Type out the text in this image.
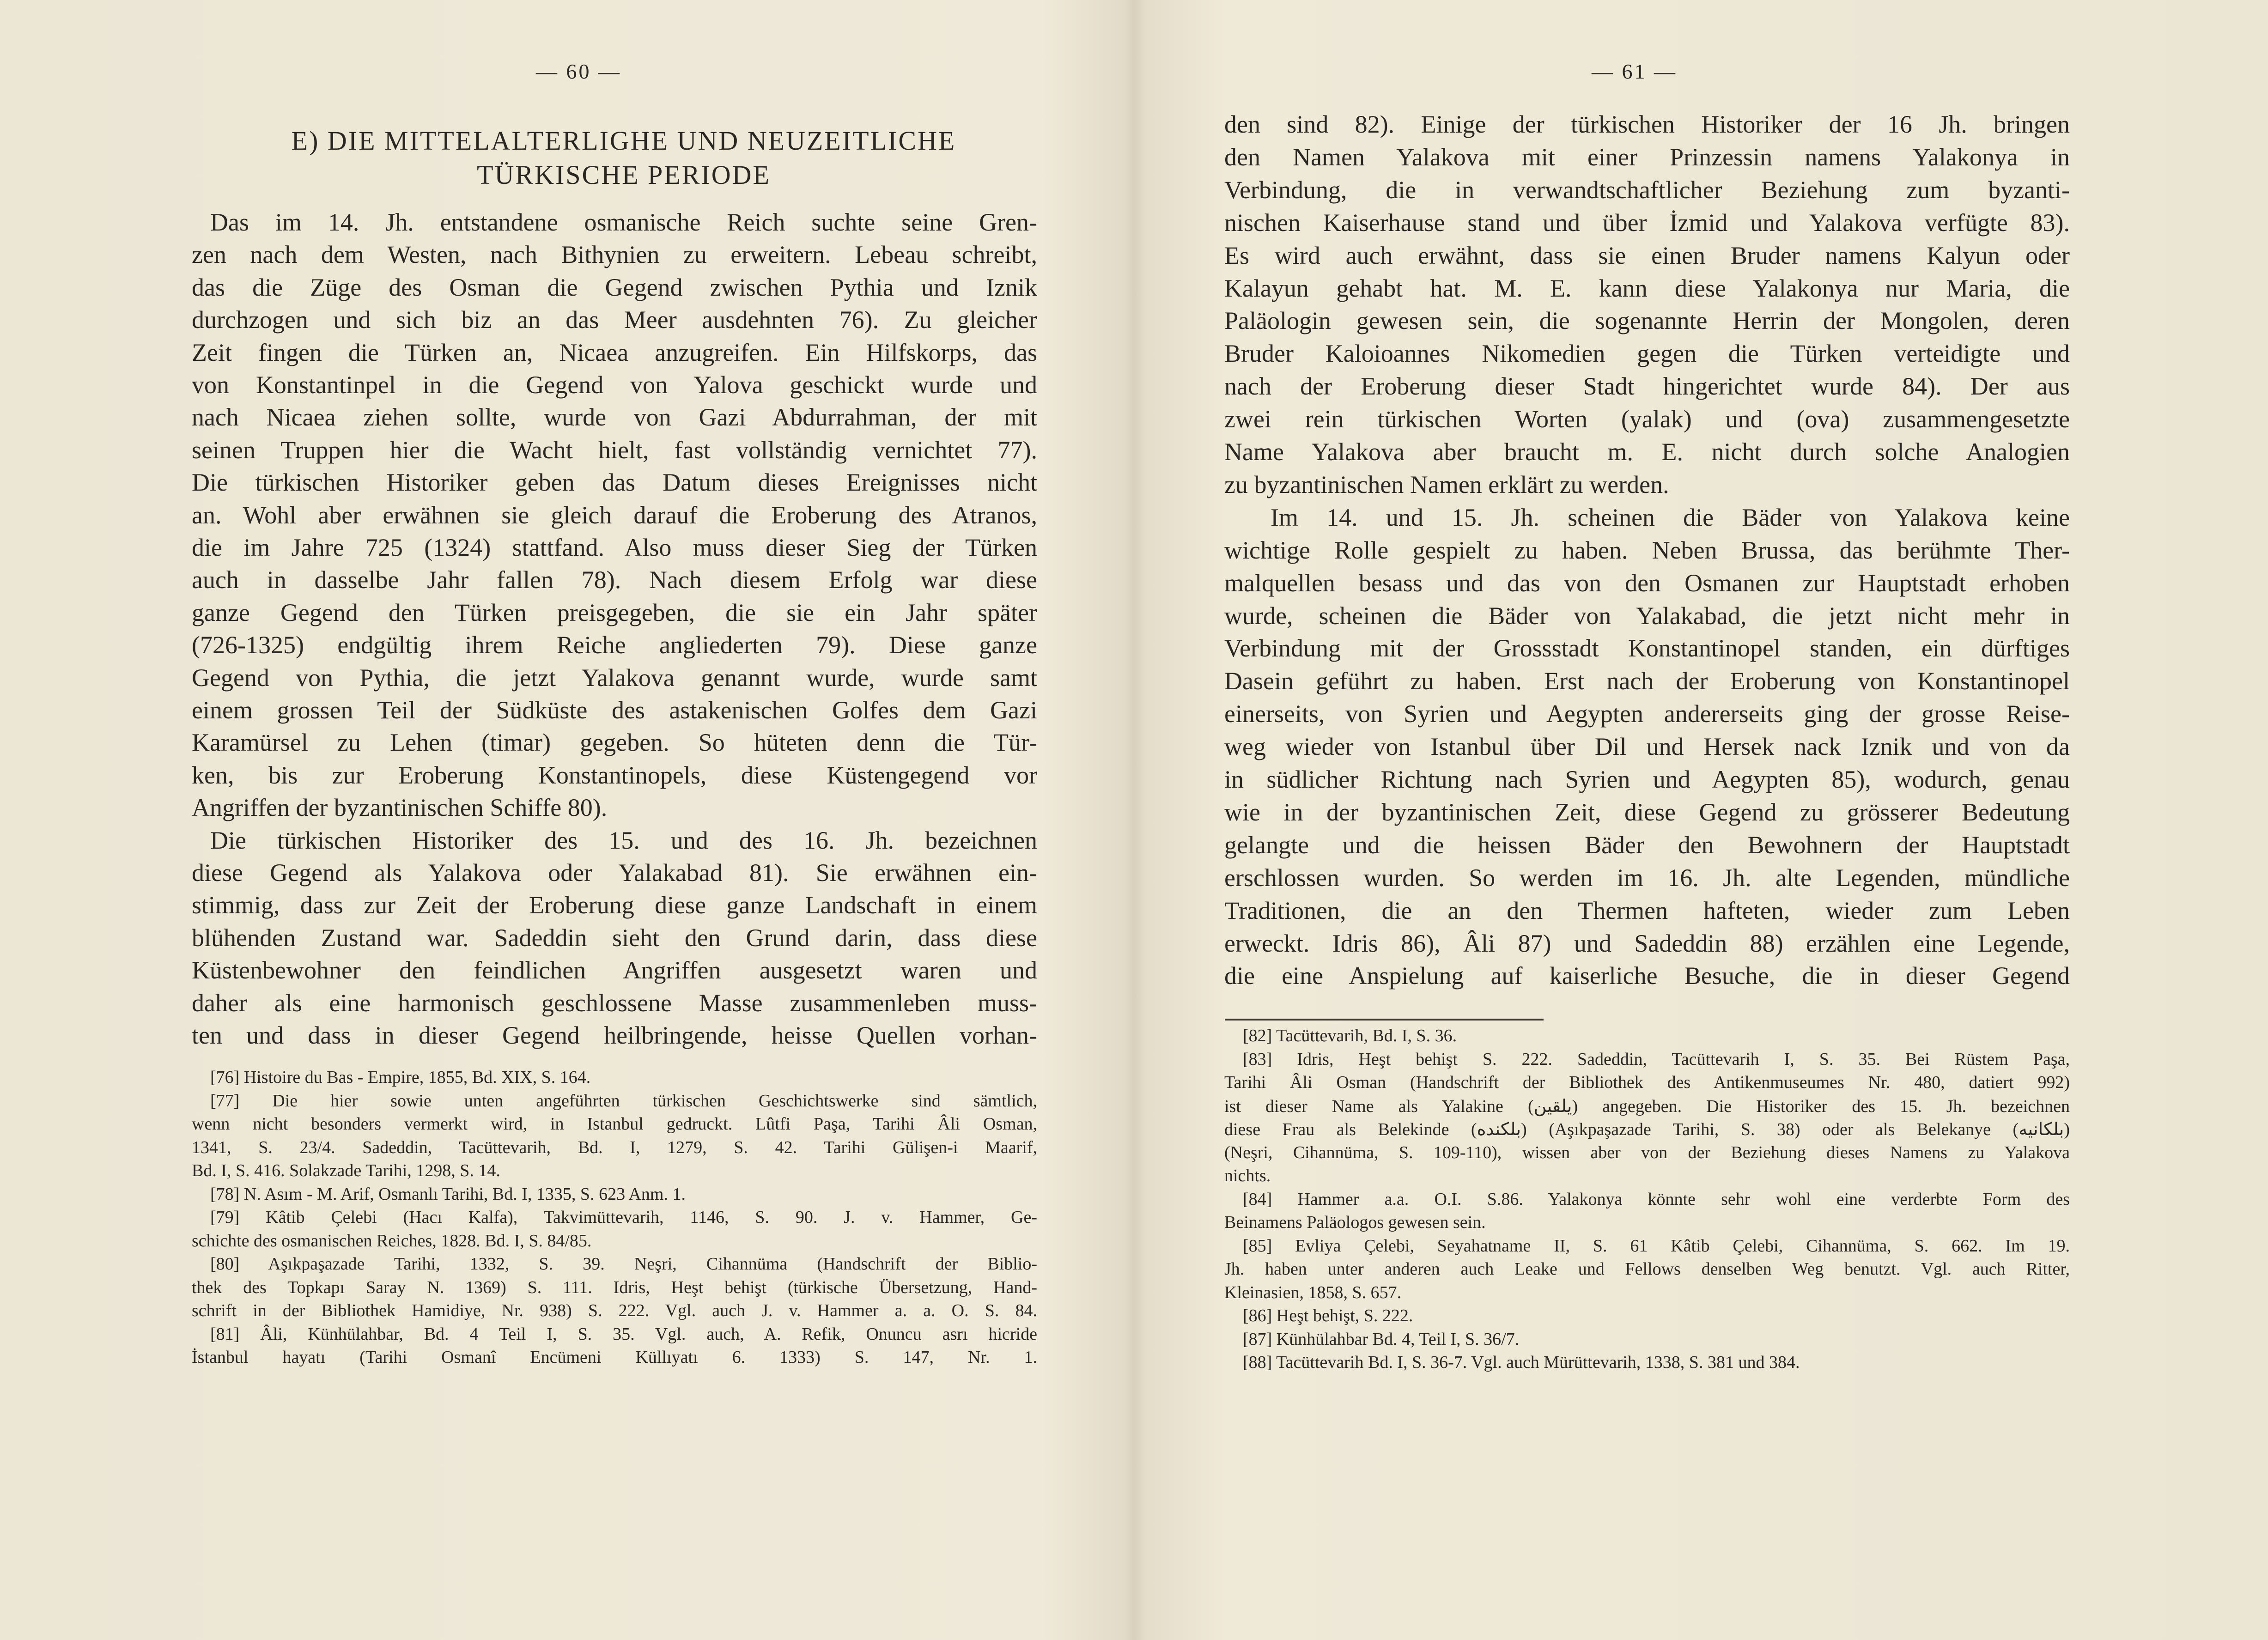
— 60 —
E) DIE MITTELALTERLIGHE UND NEUZEITLICHE
TÜRKISCHE PERIODE
Das im 14. Jh. entstandene osmanische Reich suchte seine Gren-
zen nach dem Westen, nach Bithynien zu erweitern. Lebeau schreibt,
das die Züge des Osman die Gegend zwischen Pythia und Iznik
durchzogen und sich biz an das Meer ausdehnten 76). Zu gleicher
Zeit fingen die Türken an, Nicaea anzugreifen. Ein Hilfskorps, das
von Konstantinpel in die Gegend von Yalova geschickt wurde und
nach Nicaea ziehen sollte, wurde von Gazi Abdurrahman, der mit
seinen Truppen hier die Wacht hielt, fast vollständig vernichtet 77).
Die türkischen Historiker geben das Datum dieses Ereignisses nicht
an. Wohl aber erwähnen sie gleich darauf die Eroberung des Atranos,
die im Jahre 725 (1324) stattfand. Also muss dieser Sieg der Türken
auch in dasselbe Jahr fallen 78). Nach diesem Erfolg war diese
ganze Gegend den Türken preisgegeben, die sie ein Jahr später
(726-1325) endgültig ihrem Reiche angliederten 79). Diese ganze
Gegend von Pythia, die jetzt Yalakova genannt wurde, wurde samt
einem grossen Teil der Südküste des astakenischen Golfes dem Gazi
Karamürsel zu Lehen (timar) gegeben. So hüteten denn die Tür-
ken, bis zur Eroberung Konstantinopels, diese Küstengegend vor
Angriffen der byzantinischen Schiffe 80).
Die türkischen Historiker des 15. und des 16. Jh. bezeichnen
diese Gegend als Yalakova oder Yalakabad 81). Sie erwähnen ein-
stimmig, dass zur Zeit der Eroberung diese ganze Landschaft in einem
blühenden Zustand war. Sadeddin sieht den Grund darin, dass diese
Küstenbewohner den feindlichen Angriffen ausgesetzt waren und
daher als eine harmonisch geschlossene Masse zusammenleben muss-
ten und dass in dieser Gegend heilbringende, heisse Quellen vorhan-
[76] Histoire du Bas - Empire, 1855, Bd. XIX, S. 164.
[77] Die hier sowie unten angeführten türkischen Geschichtswerke sind sämtlich,
wenn nicht besonders vermerkt wird, in Istanbul gedruckt. Lûtfi Paşa, Tarihi Âli Osman,
1341, S. 23/4. Sadeddin, Tacüttevarih, Bd. I, 1279, S. 42. Tarihi Gülişen-i Maarif,
Bd. I, S. 416. Solakzade Tarihi, 1298, S. 14.
[78] N. Asım - M. Arif, Osmanlı Tarihi, Bd. I, 1335, S. 623 Anm. 1.
[79] Kâtib Çelebi (Hacı Kalfa), Takvimüttevarih, 1146, S. 90. J. v. Hammer, Ge-
schichte des osmanischen Reiches, 1828. Bd. I, S. 84/85.
[80] Aşıkpaşazade Tarihi, 1332, S. 39. Neşri, Cihannüma (Handschrift der Biblio-
thek des Topkapı Saray N. 1369) S. 111. Idris, Heşt behişt (türkische Übersetzung, Hand-
schrift in der Bibliothek Hamidiye, Nr. 938) S. 222. Vgl. auch J. v. Hammer a. a. O. S. 84.
[81] Âli, Künhülahbar, Bd. 4 Teil I, S. 35. Vgl. auch, A. Refik, Onuncu asrı hicride
İstanbul hayatı (Tarihi Osmanî Encümeni Küllıyatı 6. 1333) S. 147, Nr. 1.
— 61 —
den sind 82). Einige der türkischen Historiker der 16 Jh. bringen
den Namen Yalakova mit einer Prinzessin namens Yalakonya in
Verbindung, die in verwandtschaftlicher Beziehung zum byzanti-
nischen Kaiserhause stand und über İzmid und Yalakova verfügte 83).
Es wird auch erwähnt, dass sie einen Bruder namens Kalyun oder
Kalayun gehabt hat. M. E. kann diese Yalakonya nur Maria, die
Paläologin gewesen sein, die sogenannte Herrin der Mongolen, deren
Bruder Kaloioannes Nikomedien gegen die Türken verteidigte und
nach der Eroberung dieser Stadt hingerichtet wurde 84). Der aus
zwei rein türkischen Worten (yalak) und (ova) zusammengesetzte
Name Yalakova aber braucht m. E. nicht durch solche Analogien
zu byzantinischen Namen erklärt zu werden.
Im 14. und 15. Jh. scheinen die Bäder von Yalakova keine
wichtige Rolle gespielt zu haben. Neben Brussa, das berühmte Ther-
malquellen besass und das von den Osmanen zur Hauptstadt erhoben
wurde, scheinen die Bäder von Yalakabad, die jetzt nicht mehr in
Verbindung mit der Grossstadt Konstantinopel standen, ein dürftiges
Dasein geführt zu haben. Erst nach der Eroberung von Konstantinopel
einerseits, von Syrien und Aegypten andererseits ging der grosse Reise-
weg wieder von Istanbul über Dil und Hersek nack Iznik und von da
in südlicher Richtung nach Syrien und Aegypten 85), wodurch, genau
wie in der byzantinischen Zeit, diese Gegend zu grösserer Bedeutung
gelangte und die heissen Bäder den Bewohnern der Hauptstadt
erschlossen wurden. So werden im 16. Jh. alte Legenden, mündliche
Traditionen, die an den Thermen hafteten, wieder zum Leben
erweckt. Idris 86), Âli 87) und Sadeddin 88) erzählen eine Legende,
die eine Anspielung auf kaiserliche Besuche, die in dieser Gegend
[82] Tacüttevarih, Bd. I, S. 36.
[83] Idris, Heşt behişt S. 222. Sadeddin, Tacüttevarih I, S. 35. Bei Rüstem Paşa,
Tarihi Âli Osman (Handschrift der Bibliothek des Antikenmuseumes Nr. 480, datiert 992)
ist dieser Name als Yalakine (يلقين) angegeben. Die Historiker des 15. Jh. bezeichnen
diese Frau als Belekinde (بلكنده) (Aşıkpaşazade Tarihi, S. 38) oder als Belekanye (بلكانيه)
(Neşri, Cihannüma, S. 109-110), wissen aber von der Beziehung dieses Namens zu Yalakova
nichts.
[84] Hammer a.a. O.I. S.86. Yalakonya könnte sehr wohl eine verderbte Form des
Beinamens Paläologos gewesen sein.
[85] Evliya Çelebi, Seyahatname II, S. 61 Kâtib Çelebi, Cihannüma, S. 662. Im 19.
Jh. haben unter anderen auch Leake und Fellows denselben Weg benutzt. Vgl. auch Ritter,
Kleinasien, 1858, S. 657.
[86] Heşt behişt, S. 222.
[87] Künhülahbar Bd. 4, Teil I, S. 36/7.
[88] Tacüttevarih Bd. I, S. 36-7. Vgl. auch Mürüttevarih, 1338, S. 381 und 384.
